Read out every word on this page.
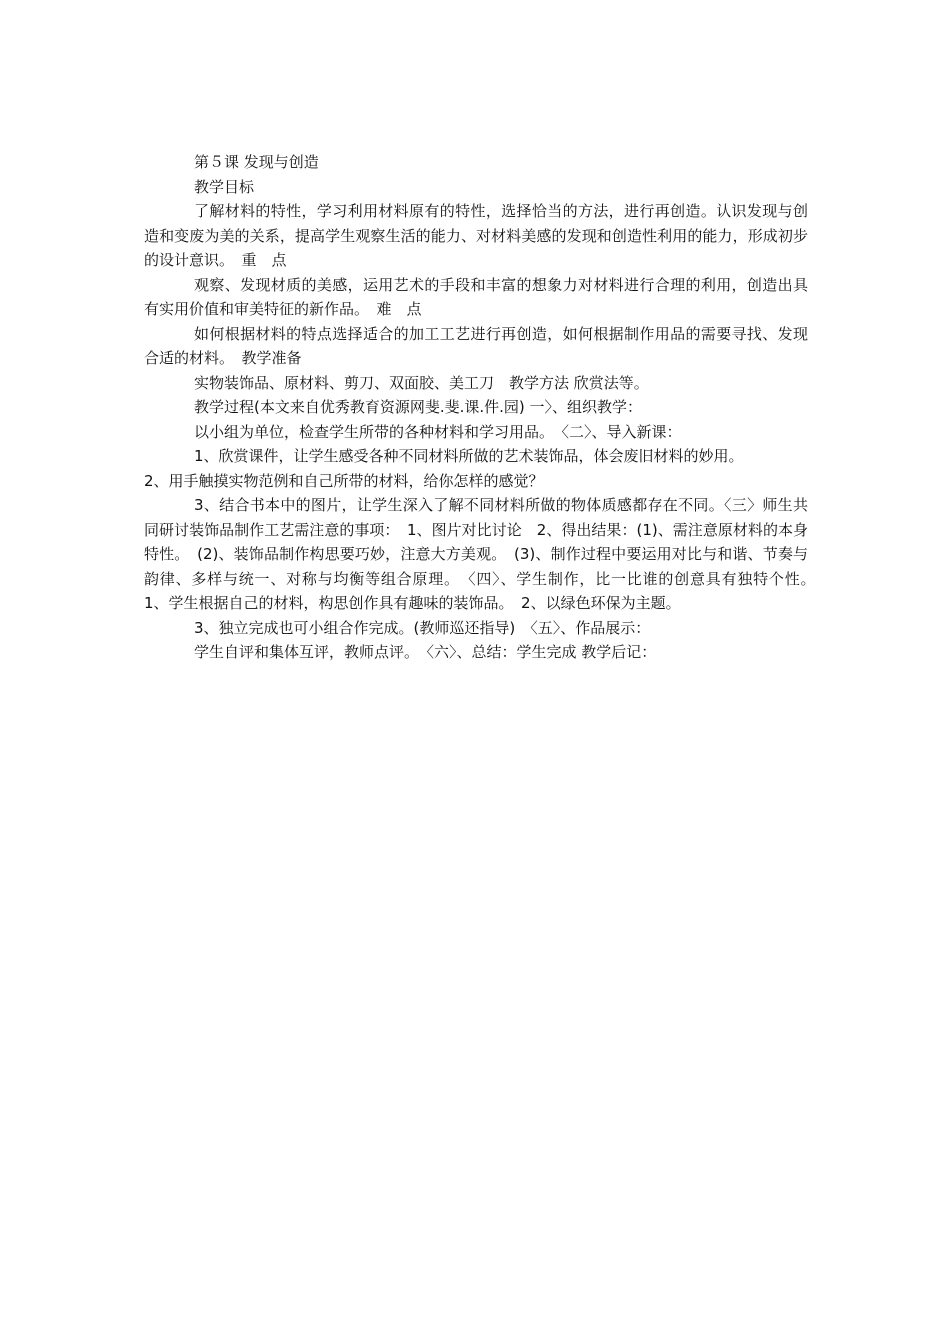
第５课 发现与创造

教学目标

了解材料的特性，学习利用材料原有的特性，选择恰当的方法，进行再创造。认识发现与创造和变废为美的关系，提高学生观察生活的能力、对材料美感的发现和创造性利用的能力，形成初步的设计意识。　重　点

观察、发现材质的美感，运用艺术的手段和丰富的想象力对材料进行合理的利用，创造出具有实用价值和审美特征的新作品。　难　点

如何根据材料的特点选择适合的加工工艺进行再创造，如何根据制作用品的需要寻找、发现合适的材料。　教学准备

实物装饰品、原材料、剪刀、双面胶、美工刀　教学方法 欣赏法等。

教学过程(本文来自优秀教育资源网斐.斐.课.件.园) 一〉、组织教学：

以小组为单位，检查学生所带的各种材料和学习用品。　〈二〉、导入新课：

1、欣赏课件，让学生感受各种不同材料所做的艺术装饰品，体会废旧材料的妙用。

2、用手触摸实物范例和自己所带的材料，给你怎样的感觉？

3、结合书本中的图片，让学生深入了解不同材料所做的物体质感都存在不同。〈三〉师生共同研讨装饰品制作工艺需注意的事项：　1、图片对比讨论　2、得出结果：(1)、需注意原材料的本身特性。　(2)、装饰品制作构思要巧妙，注意大方美观。　(3)、制作过程中要运用对比与和谐、节奏与韵律、多样与统一、对称与均衡等组合原理。　〈四〉、学生制作，比一比谁的创意具有独特个性。　1、学生根据自己的材料，构思创作具有趣味的装饰品。　2、以绿色环保为主题。

3、独立完成也可小组合作完成。(教师巡还指导)　〈五〉、作品展示：

学生自评和集体互评，教师点评。　〈六〉、总结：学生完成 教学后记：
